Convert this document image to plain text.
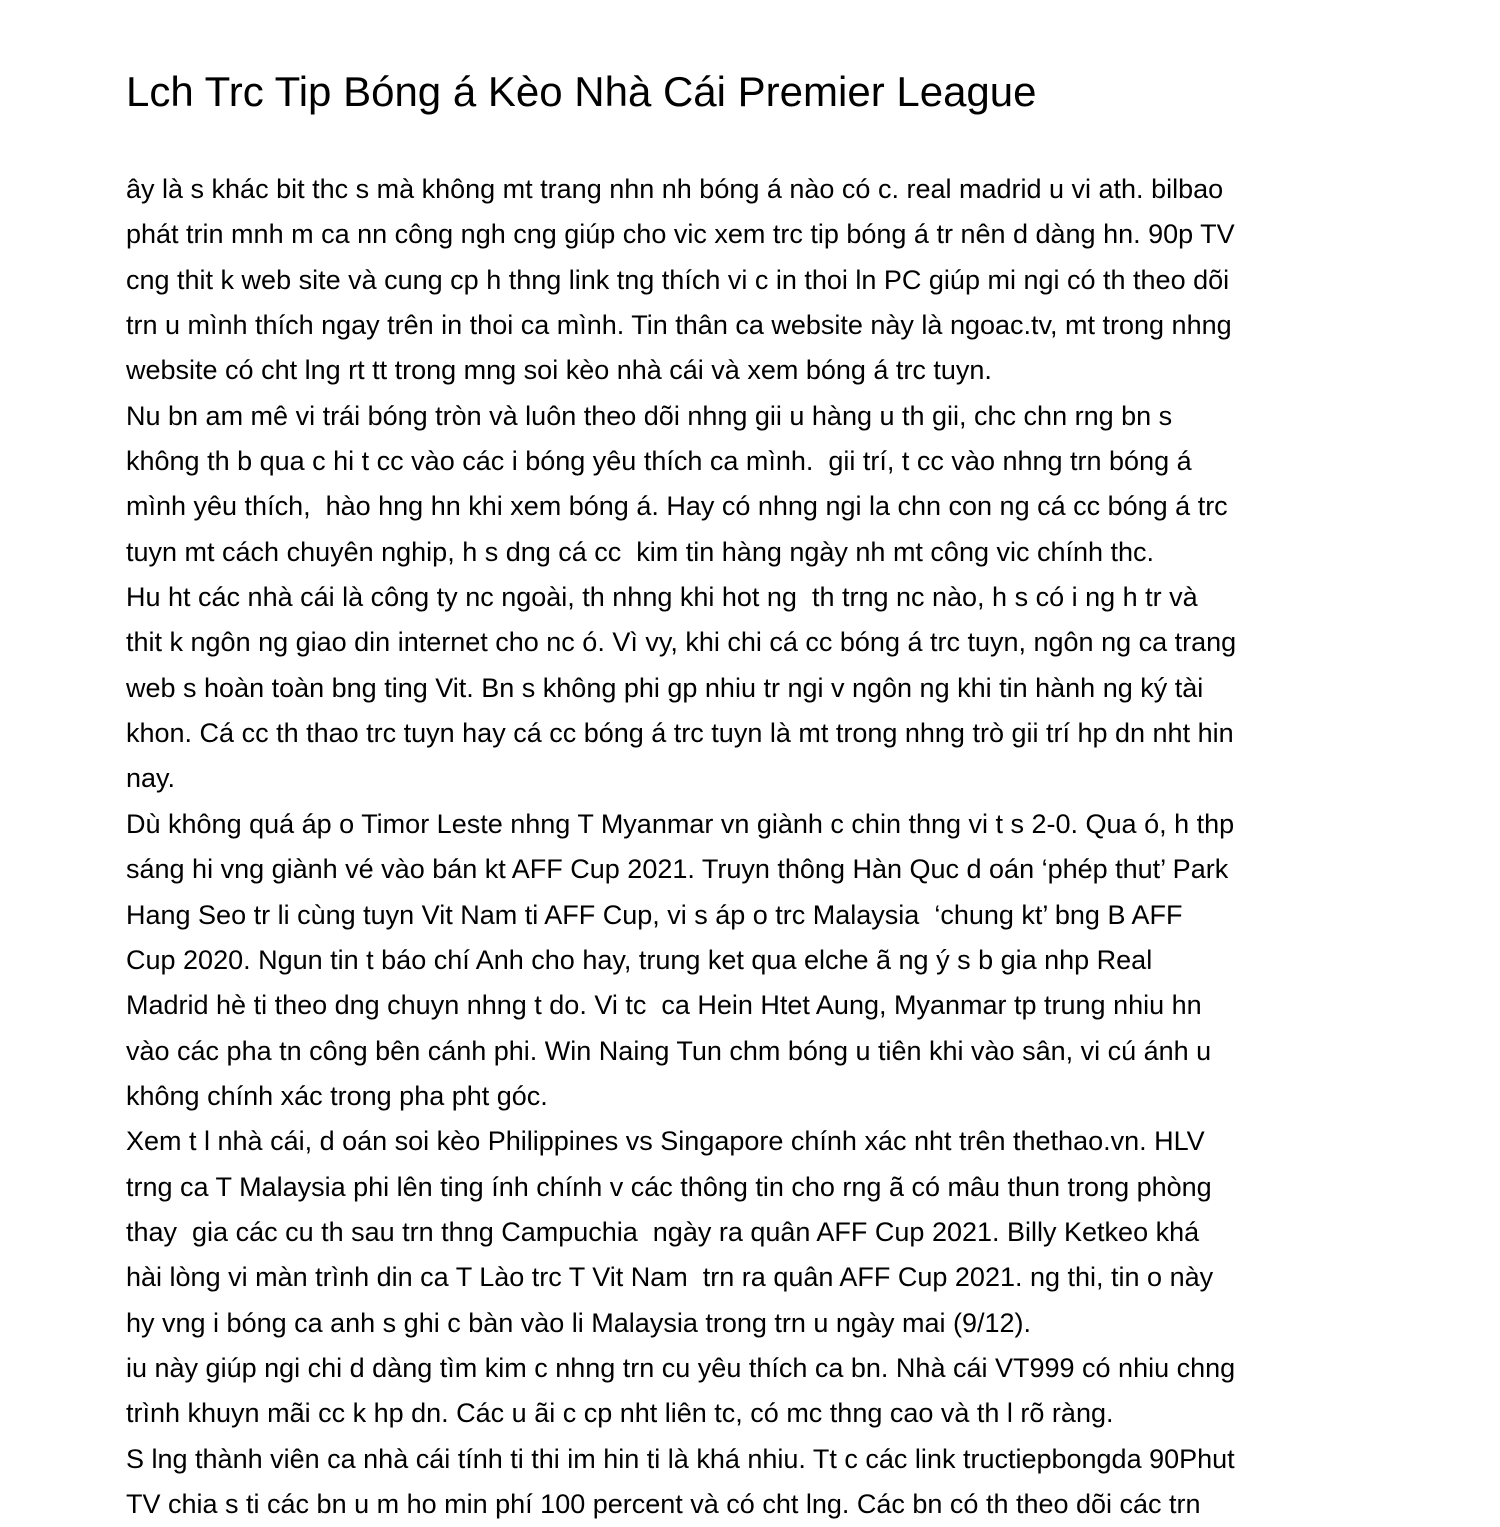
Lch Trc Tip Bóng á Kèo Nhà Cái Premier League

ây là s khác bit thc s mà không mt trang nhn nh bóng á nào có c. real madrid u vi ath. bilbao
phát trin mnh m ca nn công ngh cng giúp cho vic xem trc tip bóng á tr nên d dàng hn. 90p TV
cng thit k web site và cung cp h thng link tng thích vi c in thoi ln PC giúp mi ngi có th theo dõi
trn u mình thích ngay trên in thoi ca mình. Tin thân ca website này là ngoac.tv, mt trong nhng
website có cht lng rt tt trong mng soi kèo nhà cái và xem bóng á trc tuyn.

Nu bn am mê vi trái bóng tròn và luôn theo dõi nhng gii u hàng u th gii, chc chn rng bn s
không th b qua c hi t cc vào các i bóng yêu thích ca mình.  gii trí, t cc vào nhng trn bóng á
mình yêu thích,  hào hng hn khi xem bóng á. Hay có nhng ngi la chn con ng cá cc bóng á trc
tuyn mt cách chuyên nghip, h s dng cá cc  kim tin hàng ngày nh mt công vic chính thc.

Hu ht các nhà cái là công ty nc ngoài, th nhng khi hot ng  th trng nc nào, h s có i ng h tr và
thit k ngôn ng giao din internet cho nc ó. Vì vy, khi chi cá cc bóng á trc tuyn, ngôn ng ca trang
web s hoàn toàn bng ting Vit. Bn s không phi gp nhiu tr ngi v ngôn ng khi tin hành ng ký tài
khon. Cá cc th thao trc tuyn hay cá cc bóng á trc tuyn là mt trong nhng trò gii trí hp dn nht hin
nay.

Dù không quá áp o Timor Leste nhng T Myanmar vn giành c chin thng vi t s 2-0. Qua ó, h thp
sáng hi vng giành vé vào bán kt AFF Cup 2021. Truyn thông Hàn Quc d oán ‘phép thut’ Park
Hang Seo tr li cùng tuyn Vit Nam ti AFF Cup, vi s áp o trc Malaysia  ‘chung kt’ bng B AFF
Cup 2020. Ngun tin t báo chí Anh cho hay, trung ket qua elche ã ng ý s b gia nhp Real
Madrid hè ti theo dng chuyn nhng t do. Vi tc  ca Hein Htet Aung, Myanmar tp trung nhiu hn
vào các pha tn công bên cánh phi. Win Naing Tun chm bóng u tiên khi vào sân, vi cú ánh u
không chính xác trong pha pht góc.

Xem t l nhà cái, d oán soi kèo Philippines vs Singapore chính xác nht trên thethao.vn. HLV
trng ca T Malaysia phi lên ting ính chính v các thông tin cho rng ã có mâu thun trong phòng
thay  gia các cu th sau trn thng Campuchia  ngày ra quân AFF Cup 2021. Billy Ketkeo khá
hài lòng vi màn trình din ca T Lào trc T Vit Nam  trn ra quân AFF Cup 2021. ng thi, tin o này
hy vng i bóng ca anh s ghi c bàn vào li Malaysia trong trn u ngày mai (9/12).

iu này giúp ngi chi d dàng tìm kim c nhng trn cu yêu thích ca bn. Nhà cái VT999 có nhiu chng
trình khuyn mãi cc k hp dn. Các u ãi c cp nht liên tc, có mc thng cao và th l rõ ràng.

S lng thành viên ca nhà cái tính ti thi im hin ti là khá nhiu. Tt c các link tructiepbongda 90Phut
TV chia s ti các bn u m ho min phí 100 percent và có cht lng. Các bn có th theo dõi các trn
